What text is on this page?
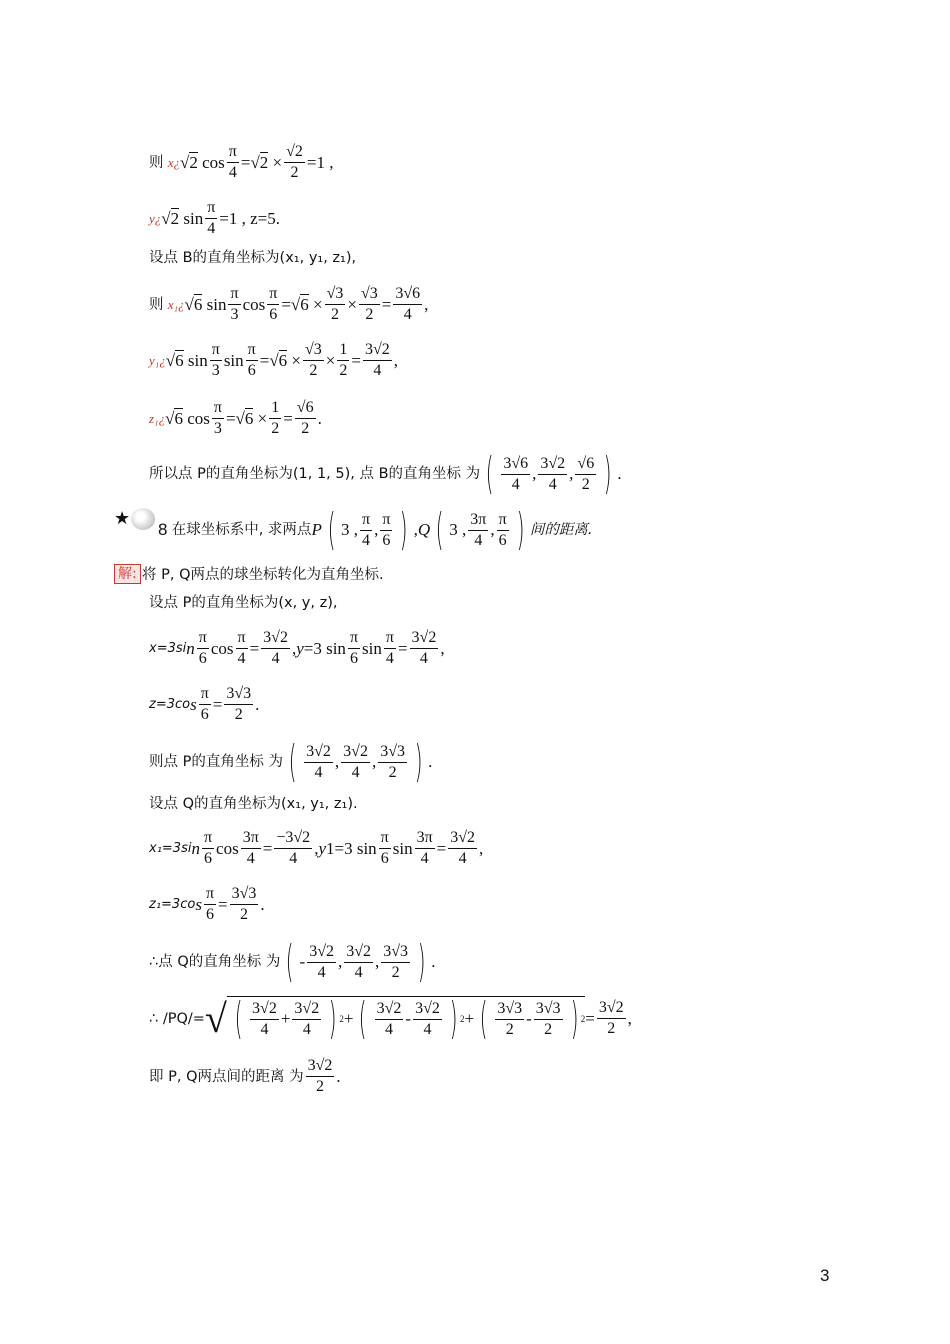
则
x ¿ √2 $\cos \frac{\pi}{4} =√2 \times \frac{√2}{2} =1$ ,
y ¿ √2 $\sin \frac{\pi}{4} =1$ , z=5.
设点 B的直角坐标为(x₁, y₁, z₁),
则
x₁ ¿ √6 $\sin \frac{\pi}{3}$ $\cos \frac{\pi}{6} =√6 \times \frac{√3}{2} \times \frac{√3}{2} = \frac{3√6}{4}$ ,
y₁ ¿ √6 $\sin \frac{\pi}{3}$ $\sin \frac{\pi}{6} =√6 \times \frac{√3}{2} \times \frac{1}{2} = \frac{3√2}{4}$ ,
z₁ ¿ √6 $\cos \frac{\pi}{3} =√6 \times \frac{1}{2} = \frac{√6}{2}$ .
所以点 P的直角坐标为(1, 1, 5), 点 B的直角坐标 为 ( $\frac{3√6}{4}$ , $\frac{3√2}{4}$ , $\frac{√6}{2}$ ) .
★
8
在球坐标系中, 求两点 P ( 3 , $\frac{\pi}{4}$ , $\frac{\pi}{6}$ ) , Q ( 3 , $\frac{3\pi}{4}$ , $\frac{\pi}{6}$ ) 间的距离.
解: 将 P, Q两点的球坐标转化为直角坐标.
设点 P的直角坐标为(x, y, z),
x=3si n $\frac{\pi}{6}$ $\cos \frac{\pi}{4} = \frac{3√2}{4}$ , y =3 $\sin \frac{\pi}{6}$ $\sin \frac{\pi}{4} = \frac{3√2}{4}$ ,
z=3co s $\frac{\pi}{6} = \frac{3√3}{2}$ .
则点 P的直角坐标 为 ( $\frac{3√2}{4}$ , $\frac{3√2}{4}$ , $\frac{3√3}{2}$ ) .
设点 Q的直角坐标为(x₁, y₁, z₁).
x₁=3si n $\frac{\pi}{6}$ $\cos \frac{3\pi}{4} = \frac{-3√2}{4}$ , y 1=3 $\sin \frac{\pi}{6}$ $\sin \frac{3\pi}{4} = \frac{3√2}{4}$ ,
z₁=3co s $\frac{\pi}{6} = \frac{3√3}{2}$ .
∴点 Q的直角坐标 为 ( - $\frac{3√2}{4}$ , $\frac{3√2}{4}$ , $\frac{3√3}{2}$ ) .
∴ /PQ/= √ ( $\frac{3√2}{4} + \frac{3√2}{4}$ ) 2 + ( $\frac{3√2}{4} - \frac{3√2}{4}$ ) 2 + ( $\frac{3√3}{2} - \frac{3√3}{2}$ ) $2 = \frac{3√2}{2}$ ,
即 P, Q两点间的距离 为 $\frac{3√2}{2}$ .
3
